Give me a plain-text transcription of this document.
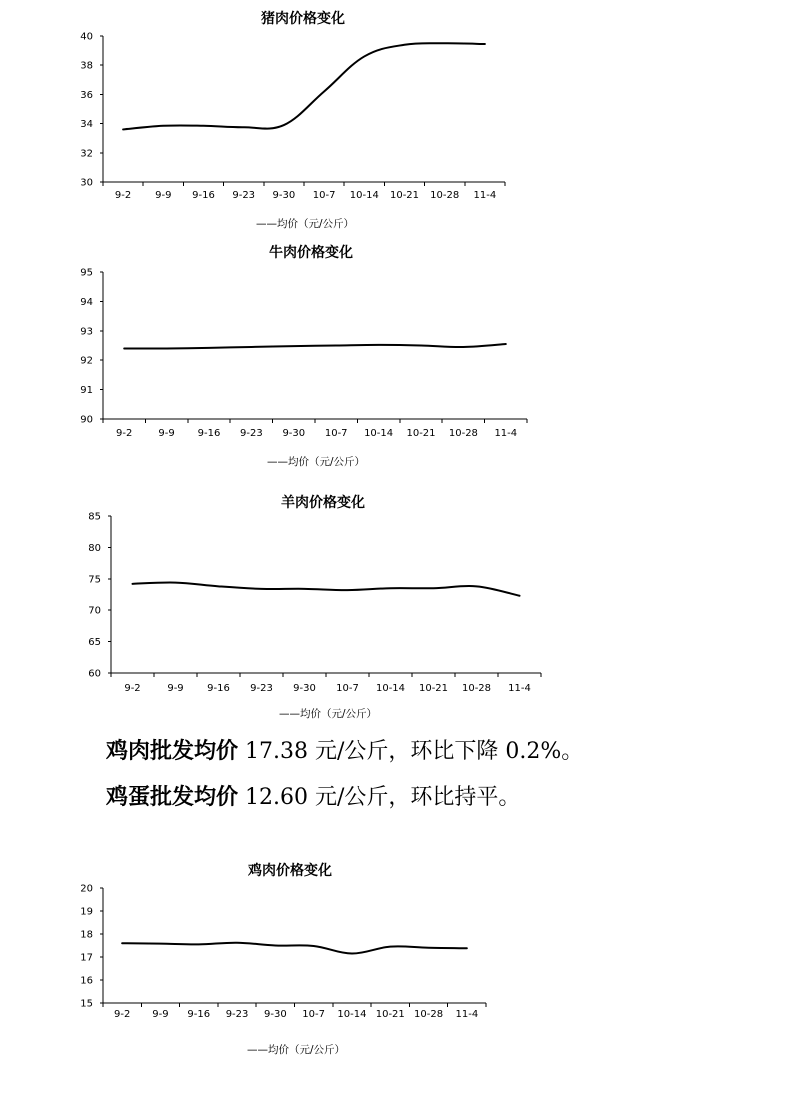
猪肉价格变化
30
32
34
36
38
40
9-2 9-9 9-16 9-23 9-30 10-7 10-14 10-21 10-28 11-4
——均价（元/公斤）
牛肉价格变化
90
91
92
93
94
95
9-2	9-9 9-16 9-23 9-30 10-7 10-14 10-21 10-28 11-4
——均价（元/公斤）
羊肉价格变化
60
65
70
75
80
85
9-2	9-9 9-16 9-23 9-30 10-7 10-14 10-21 10-28 11-4
——均价（元/公斤）
鸡肉批发均价 17.38 元/公斤，环比下降 0.2%。
鸡蛋批发均价 12.60 元/公斤，环比持平。
鸡肉价格变化
15
16
17
18
19
20
9-2 9-9 9-16 9-23 9-30 10-7 10-14 10-21 10-28 11-4
——均价（元/公斤）
